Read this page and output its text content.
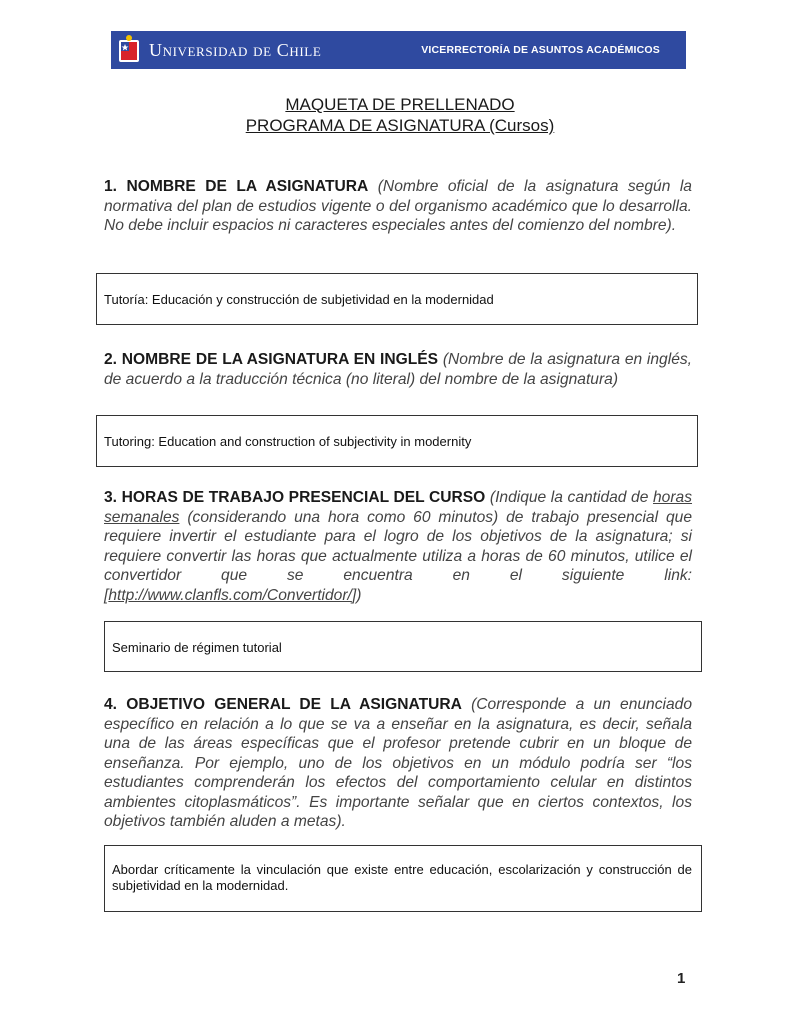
Universidad de Chile	VICERRECTORÍA DE ASUNTOS ACADÉMICOS
MAQUETA DE PRELLENADO
PROGRAMA DE ASIGNATURA (Cursos)
1. NOMBRE DE LA ASIGNATURA (Nombre oficial de la asignatura según la normativa del plan de estudios vigente o del organismo académico que lo desarrolla. No debe incluir espacios ni caracteres especiales antes del comienzo del nombre).
Tutoría: Educación y construcción de subjetividad en la modernidad
2. NOMBRE DE LA ASIGNATURA EN INGLÉS (Nombre de la asignatura en inglés, de acuerdo a la traducción técnica (no literal) del nombre de la asignatura)
Tutoring: Education and construction of subjectivity in modernity
3. HORAS DE TRABAJO PRESENCIAL DEL CURSO (Indique la cantidad de horas semanales (considerando una hora como 60 minutos) de trabajo presencial que requiere invertir el estudiante para el logro de los objetivos de la asignatura; si requiere convertir las horas que actualmente utiliza a horas de 60 minutos, utilice el convertidor que se encuentra en el siguiente link: [http://www.clanfls.com/Convertidor/])
Seminario de régimen tutorial
4. OBJETIVO GENERAL DE LA ASIGNATURA (Corresponde a un enunciado específico en relación a lo que se va a enseñar en la asignatura, es decir, señala una de las áreas específicas que el profesor pretende cubrir en un bloque de enseñanza. Por ejemplo, uno de los objetivos en un módulo podría ser “los estudiantes comprenderán los efectos del comportamiento celular en distintos ambientes citoplasmáticos”. Es importante señalar que en ciertos contextos, los objetivos también aluden a metas).
Abordar críticamente la vinculación que existe entre educación, escolarización y construcción de subjetividad en la modernidad.
1
